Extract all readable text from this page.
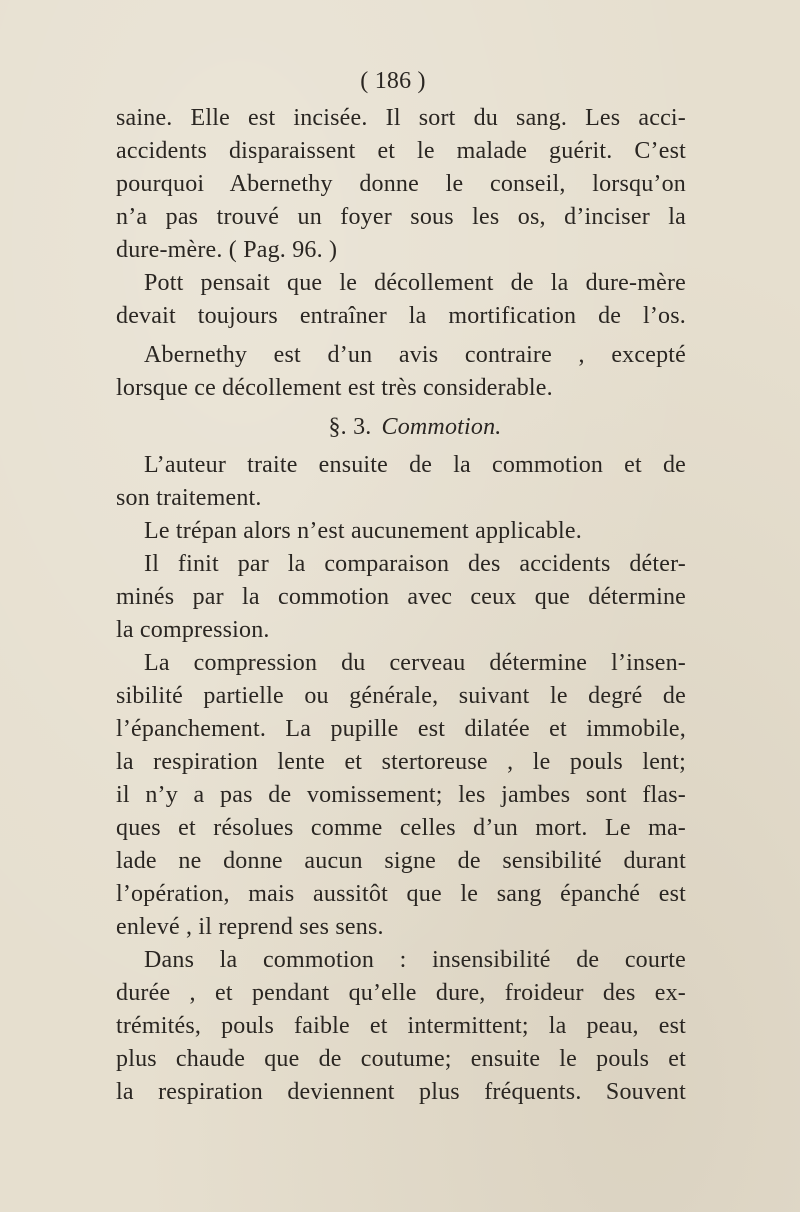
( 186 )
saine. Elle est incisée. Il sort du sang. Les acci-
accidents disparaissent et le malade guérit. C’est
pourquoi Abernethy donne le conseil, lorsqu’on
n’a pas trouvé un foyer sous les os, d’inciser la
dure-mère. ( Pag. 96. )
Pott pensait que le décollement de la dure-mère
devait toujours entraîner la mortification de l’os.
Abernethy est d’un avis contraire , excepté
lorsque ce décollement est très considerable.
§. 3. Commotion.
L’auteur traite ensuite de la commotion et de
son traitement.
Le trépan alors n’est aucunement applicable.
Il finit par la comparaison des accidents déter-
minés par la commotion avec ceux que détermine
la compression.
La compression du cerveau détermine l’insen-
sibilité partielle ou générale, suivant le degré de
l’épanchement. La pupille est dilatée et immobile,
la respiration lente et stertoreuse , le pouls lent;
il n’y a pas de vomissement; les jambes sont flas-
ques et résolues comme celles d’un mort. Le ma-
lade ne donne aucun signe de sensibilité durant
l’opération, mais aussitôt que le sang épanché est
enlevé , il reprend ses sens.
Dans la commotion : insensibilité de courte
durée , et pendant qu’elle dure, froideur des ex-
trémités, pouls faible et intermittent; la peau, est
plus chaude que de coutume; ensuite le pouls et
la respiration deviennent plus fréquents. Souvent
